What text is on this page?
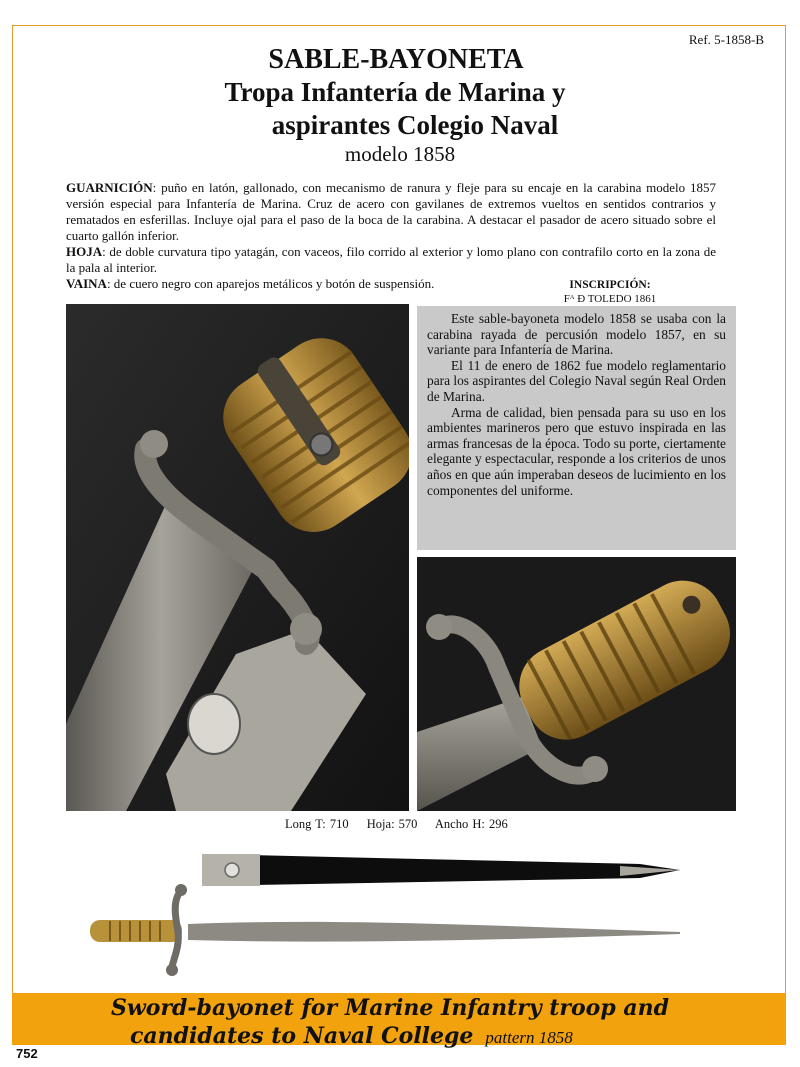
Ref. 5-1858-B
SABLE-BAYONETA
Tropa Infantería de Marina y
aspirantes Colegio Naval
modelo 1858

GUARNICIÓN: puño en latón, gallonado, con mecanismo de ranura y fleje para su encaje en la carabina modelo 1857 versión especial para Infantería de Marina. Cruz de acero con gavilanes de extremos vueltos en sentidos contrarios y rematados en esferillas. Incluye ojal para el paso de la boca de la carabina. A destacar el pasador de acero situado sobre el cuarto gallón inferior.

HOJA: de doble curvatura tipo yatagán, con vaceos, filo corrido al exterior y lomo plano con contrafilo corto en la zona de la pala al interior.

VAINA: de cuero negro con aparejos metálicos y botón de suspensión.	INSCRIPCIÓN:
Fᴬ Ð TOLEDO 1861

Este sable-bayoneta modelo 1858 se usaba con la carabina rayada de percusión modelo 1857, en su variante para Infantería de Marina.

El 11 de enero de 1862 fue modelo reglamentario para los aspirantes del Colegio Naval según Real Orden de Marina.

Arma de calidad, bien pensada para su uso en los ambientes marineros pero que estuvo inspirada en las armas francesas de la época. Todo su porte, ciertamente elegante y espectacular, responde a los criterios de unos años en que aún imperaban deseos de lucimiento en los componentes del uniforme.

Long T: 710 Hoja: 570 Ancho H: 296
Sword-bayonet for Marine Infantry troop and
candidates to Naval College pattern 1858
752
